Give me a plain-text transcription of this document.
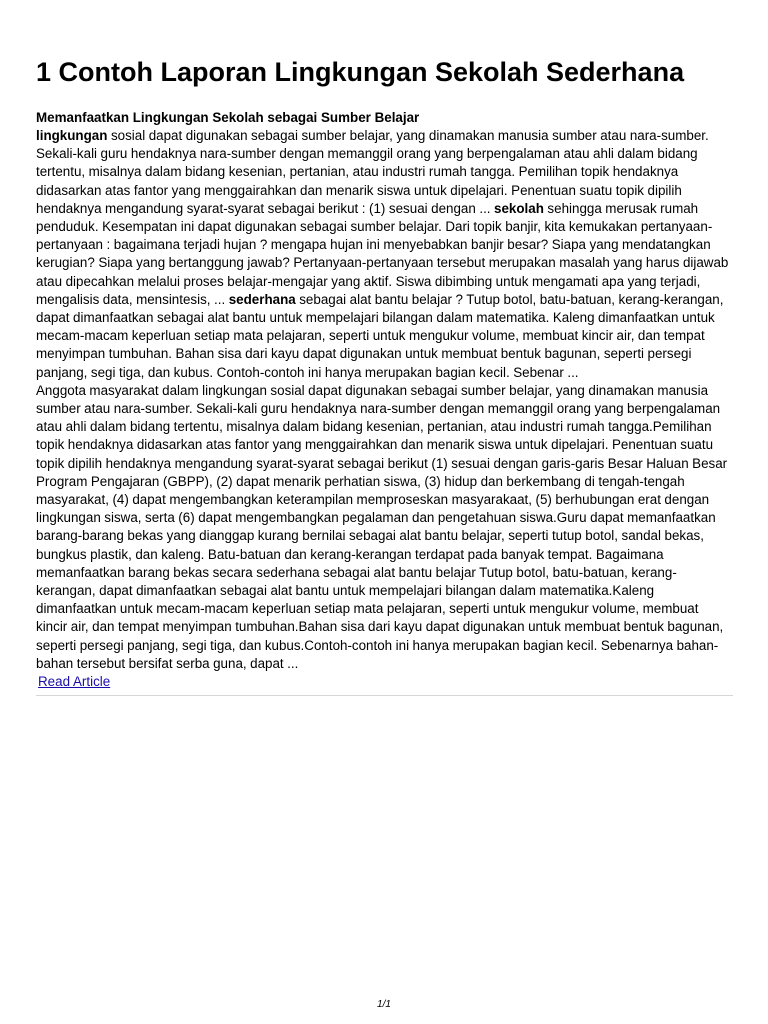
1 Contoh Laporan Lingkungan Sekolah Sederhana
Memanfaatkan Lingkungan Sekolah sebagai Sumber Belajar

lingkungan sosial dapat digunakan sebagai sumber belajar, yang dinamakan manusia sumber atau nara-sumber. Sekali-kali guru hendaknya nara-sumber dengan memanggil orang yang berpengalaman atau ahli dalam bidang tertentu, misalnya dalam bidang kesenian, pertanian, atau industri rumah tangga. Pemilihan topik hendaknya didasarkan atas fantor yang menggairahkan dan menarik siswa untuk dipelajari. Penentuan suatu topik dipilih hendaknya mengandung syarat-syarat sebagai berikut : (1) sesuai dengan ... sekolah sehingga merusak rumah penduduk. Kesempatan ini dapat digunakan sebagai sumber belajar. Dari topik banjir, kita kemukakan pertanyaan-pertanyaan : bagaimana terjadi hujan ? mengapa hujan ini menyebabkan banjir besar? Siapa yang mendatangkan kerugian? Siapa yang bertanggung jawab? Pertanyaan-pertanyaan tersebut merupakan masalah yang harus dijawab atau dipecahkan melalui proses belajar-mengajar yang aktif. Siswa dibimbing untuk mengamati apa yang terjadi, mengalisis data, mensintesis, ... sederhana sebagai alat bantu belajar ? Tutup botol, batu-batuan, kerang-kerangan, dapat dimanfaatkan sebagai alat bantu untuk mempelajari bilangan dalam matematika. Kaleng dimanfaatkan untuk mecam-macam keperluan setiap mata pelajaran, seperti untuk mengukur volume, membuat kincir air, dan tempat menyimpan tumbuhan. Bahan sisa dari kayu dapat digunakan untuk membuat bentuk bagunan, seperti persegi panjang, segi tiga, dan kubus. Contoh-contoh ini hanya merupakan bagian kecil. Sebenar ...

Anggota masyarakat dalam lingkungan sosial dapat digunakan sebagai sumber belajar, yang dinamakan manusia sumber atau nara-sumber. Sekali-kali guru hendaknya nara-sumber dengan memanggil orang yang berpengalaman atau ahli dalam bidang tertentu, misalnya dalam bidang kesenian, pertanian, atau industri rumah tangga.Pemilihan topik hendaknya didasarkan atas fantor yang menggairahkan dan menarik siswa untuk dipelajari. Penentuan suatu topik dipilih hendaknya mengandung syarat-syarat sebagai berikut (1) sesuai dengan garis-garis Besar Haluan Besar Program Pengajaran (GBPP), (2) dapat menarik perhatian siswa, (3) hidup dan berkembang di tengah-tengah masyarakat, (4) dapat mengembangkan keterampilan memproseskan masyarakaat, (5) berhubungan erat dengan lingkungan siswa, serta (6) dapat mengembangkan pegalaman dan pengetahuan siswa.Guru dapat memanfaatkan barang-barang bekas yang dianggap kurang bernilai sebagai alat bantu belajar, seperti tutup botol, sandal bekas, bungkus plastik, dan kaleng. Batu-batuan dan kerang-kerangan terdapat pada banyak tempat. Bagaimana memanfaatkan barang bekas secara sederhana sebagai alat bantu belajar Tutup botol, batu-batuan, kerang-kerangan, dapat dimanfaatkan sebagai alat bantu untuk mempelajari bilangan dalam matematika.Kaleng dimanfaatkan untuk mecam-macam keperluan setiap mata pelajaran, seperti untuk mengukur volume, membuat kincir air, dan tempat menyimpan tumbuhan.Bahan sisa dari kayu dapat digunakan untuk membuat bentuk bagunan, seperti persegi panjang, segi tiga, dan kubus.Contoh-contoh ini hanya merupakan bagian kecil. Sebenarnya bahan-bahan tersebut bersifat serba guna, dapat ...

Read Article
1/1
